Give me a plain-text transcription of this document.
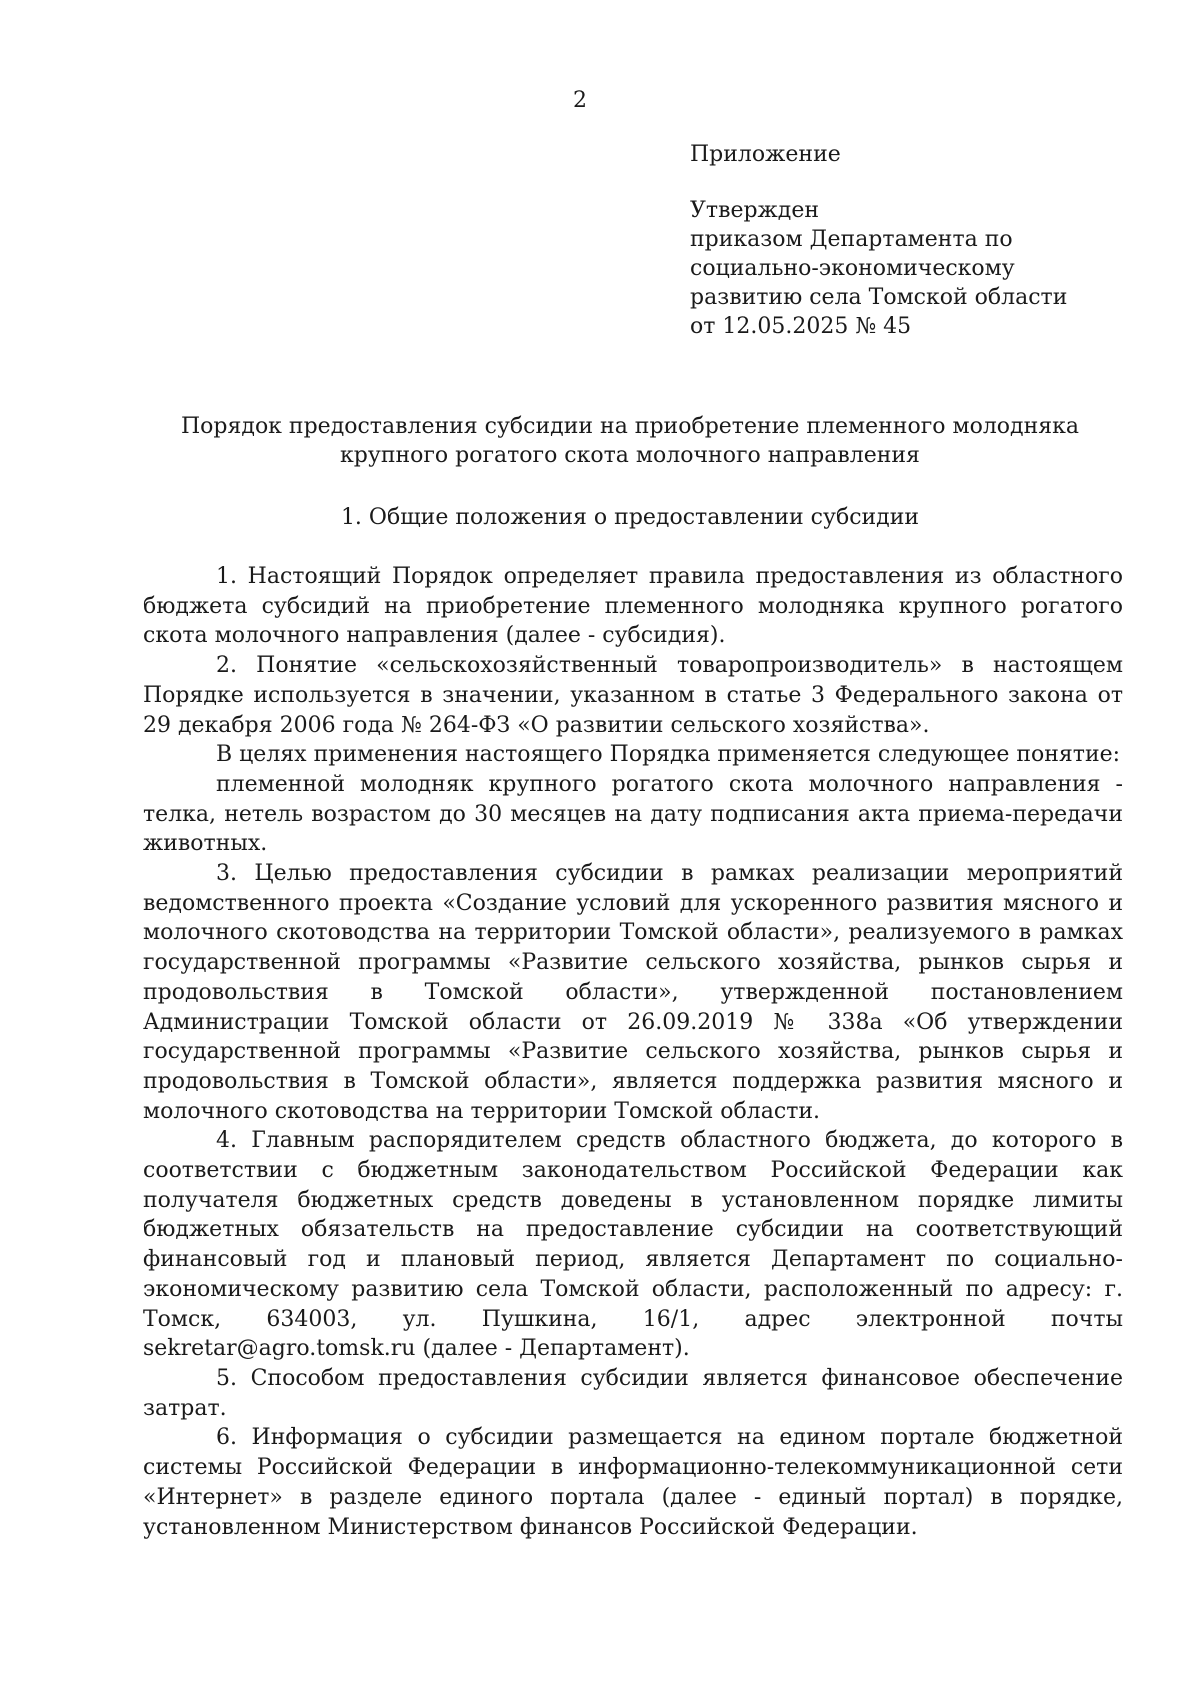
2
Приложение
Утвержден
приказом Департамента по
социально-экономическому
развитию села Томской области
от 12.05.2025 № 45
Порядок предоставления субсидии на приобретение племенного молодняка крупного рогатого скота молочного направления
1. Общие положения о предоставлении субсидии

1. Настоящий Порядок определяет правила предоставления из областного бюджета субсидий на приобретение племенного молодняка крупного рогатого скота молочного направления (далее - субсидия).

2. Понятие «сельскохозяйственный товаропроизводитель» в настоящем Порядке используется в значении, указанном в статье 3 Федерального закона от 29 декабря 2006 года № 264-ФЗ «О развитии сельского хозяйства».

В целях применения настоящего Порядка применяется следующее понятие:

племенной молодняк крупного рогатого скота молочного направления - телка, нетель возрастом до 30 месяцев на дату подписания акта приема-передачи животных.

3. Целью предоставления субсидии в рамках реализации мероприятий ведомственного проекта «Создание условий для ускоренного развития мясного и молочного скотоводства на территории Томской области», реализуемого в рамках государственной программы «Развитие сельского хозяйства, рынков сырья и продовольствия в Томской области», утвержденной постановлением Администрации Томской области от 26.09.2019 № 338а «Об утверждении государственной программы «Развитие сельского хозяйства, рынков сырья и продовольствия в Томской области», является поддержка развития мясного и молочного скотоводства на территории Томской области.

4. Главным распорядителем средств областного бюджета, до которого в соответствии с бюджетным законодательством Российской Федерации как получателя бюджетных средств доведены в установленном порядке лимиты бюджетных обязательств на предоставление субсидии на соответствующий финансовый год и плановый период, является Департамент по социально-экономическому развитию села Томской области, расположенный по адресу: г. Томск, 634003, ул. Пушкина, 16/1, адрес электронной почты sekretar@agro.tomsk.ru (далее - Департамент).

5. Способом предоставления субсидии является финансовое обеспечение затрат.

6. Информация о субсидии размещается на едином портале бюджетной системы Российской Федерации в информационно-телекоммуникационной сети «Интернет» в разделе единого портала (далее - единый портал) в порядке, установленном Министерством финансов Российской Федерации.
